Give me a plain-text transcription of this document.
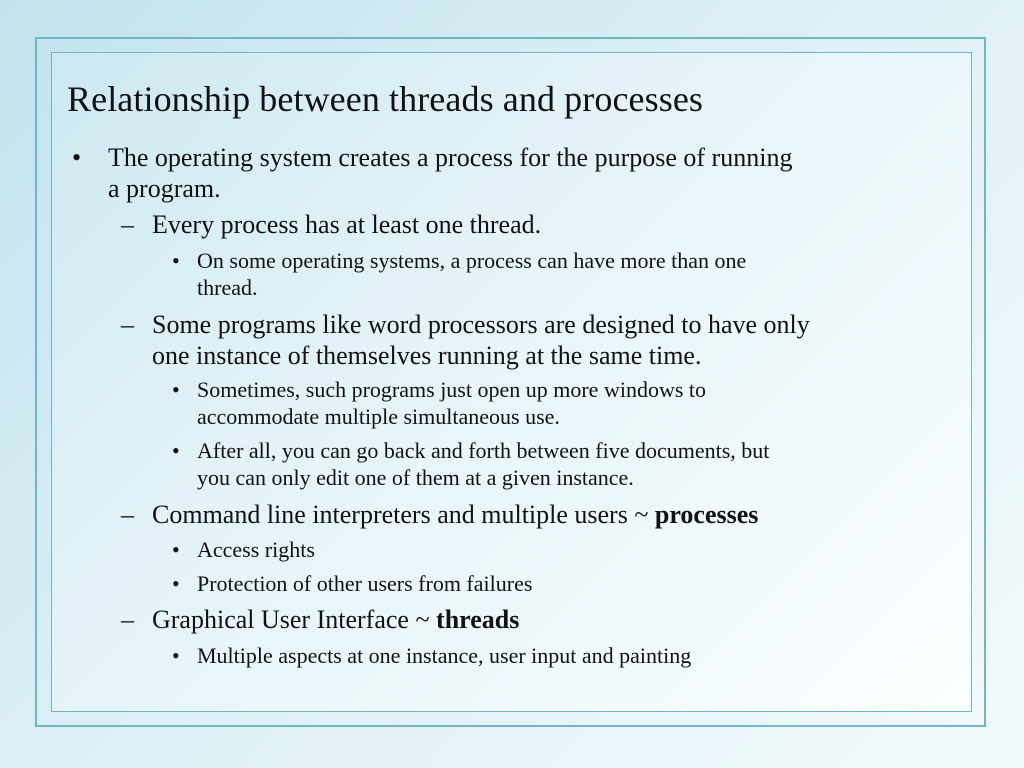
Relationship between threads and processes
• The operating system creates a process for the purpose of running
a program.
– Every process has at least one thread.
• On some operating systems, a process can have more than one
thread.
– Some programs like word processors are designed to have only
one instance of themselves running at the same time.
• Sometimes, such programs just open up more windows to
accommodate multiple simultaneous use.
• After all, you can go back and forth between five documents, but
you can only edit one of them at a given instance.
– Command line interpreters and multiple users ~ processes
• Access rights
• Protection of other users from failures
– Graphical User Interface ~ threads
• Multiple aspects at one instance, user input and painting
